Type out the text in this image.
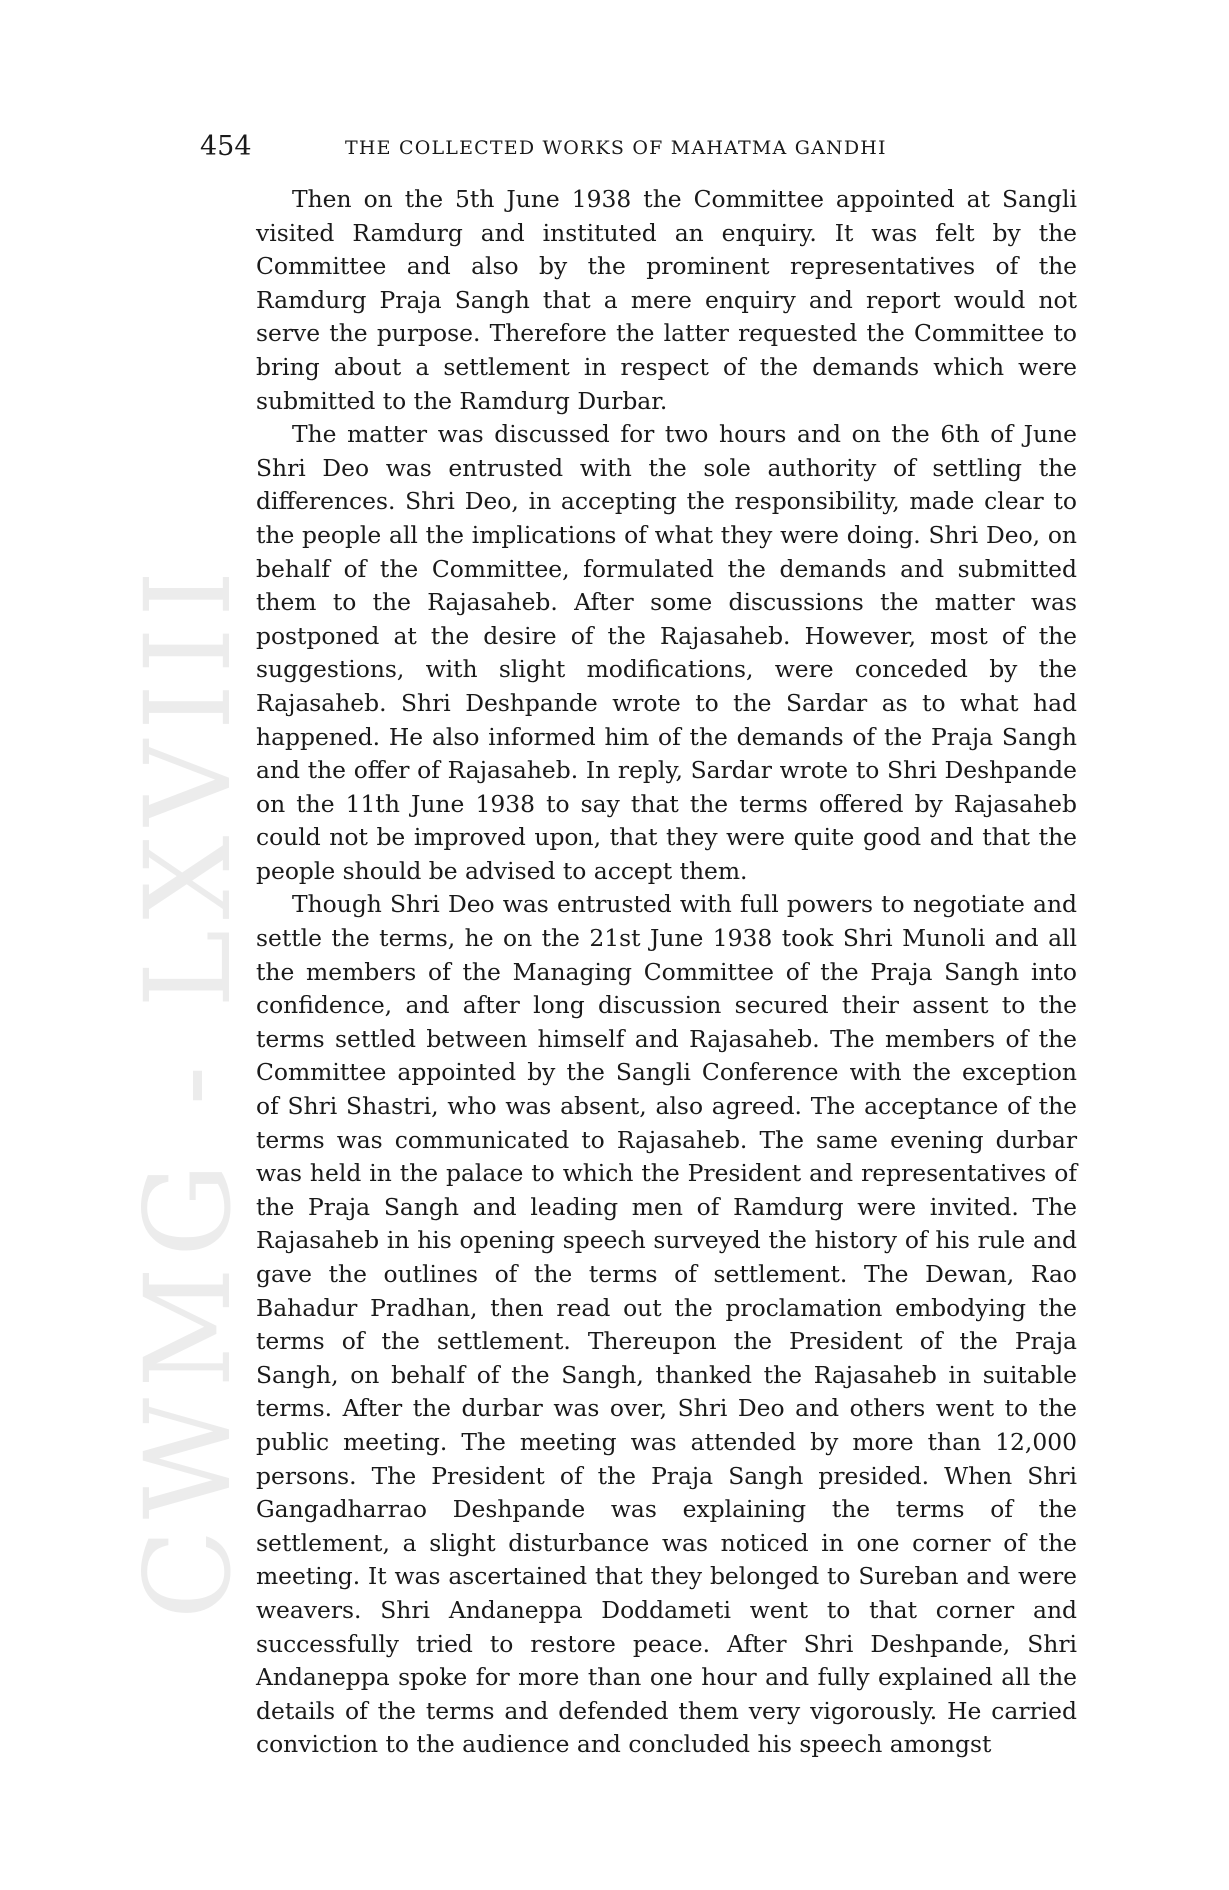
CWMG - LXVIII
454	THE COLLECTED WORKS OF MAHATMA GANDHI

Then on the 5th June 1938 the Committee appointed at Sangli visited Ramdurg and instituted an enquiry. It was felt by the Committee and also by the prominent representatives of the Ramdurg Praja Sangh that a mere enquiry and report would not serve the purpose. Therefore the latter requested the Committee to bring about a settlement in respect of the demands which were submitted to the Ramdurg Durbar.

The matter was discussed for two hours and on the 6th of June Shri Deo was entrusted with the sole authority of settling the differences. Shri Deo, in accepting the responsibility, made clear to the people all the implications of what they were doing. Shri Deo, on behalf of the Committee, formulated the demands and submitted them to the Rajasaheb. After some discussions the matter was postponed at the desire of the Rajasaheb. However, most of the suggestions, with slight modifications, were conceded by the Rajasaheb. Shri Deshpande wrote to the Sardar as to what had happened. He also informed him of the demands of the Praja Sangh and the offer of Rajasaheb. In reply, Sardar wrote to Shri Deshpande on the 11th June 1938 to say that the terms offered by Rajasaheb could not be improved upon, that they were quite good and that the people should be advised to accept them.

Though Shri Deo was entrusted with full powers to negotiate and settle the terms, he on the 21st June 1938 took Shri Munoli and all the members of the Managing Committee of the Praja Sangh into confidence, and after long discussion secured their assent to the terms settled between himself and Rajasaheb. The members of the Committee appointed by the Sangli Conference with the exception of Shri Shastri, who was absent, also agreed. The acceptance of the terms was communicated to Rajasaheb. The same evening durbar was held in the palace to which the President and representatives of the Praja Sangh and leading men of Ramdurg were invited. The Rajasaheb in his opening speech surveyed the history of his rule and gave the outlines of the terms of settlement. The Dewan, Rao Bahadur Pradhan, then read out the proclamation embodying the terms of the settlement. Thereupon the President of the Praja Sangh, on behalf of the Sangh, thanked the Rajasaheb in suitable terms. After the durbar was over, Shri Deo and others went to the public meeting. The meeting was attended by more than 12,000 persons. The President of the Praja Sangh presided. When Shri Gangadharrao Deshpande was explaining the terms of the settlement, a slight disturbance was noticed in one corner of the meeting. It was ascertained that they belonged to Sureban and were weavers. Shri Andaneppa Doddameti went to that corner and successfully tried to restore peace. After Shri Deshpande, Shri Andaneppa spoke for more than one hour and fully explained all the details of the terms and defended them very vigorously. He carried conviction to the audience and concluded his speech amongst
